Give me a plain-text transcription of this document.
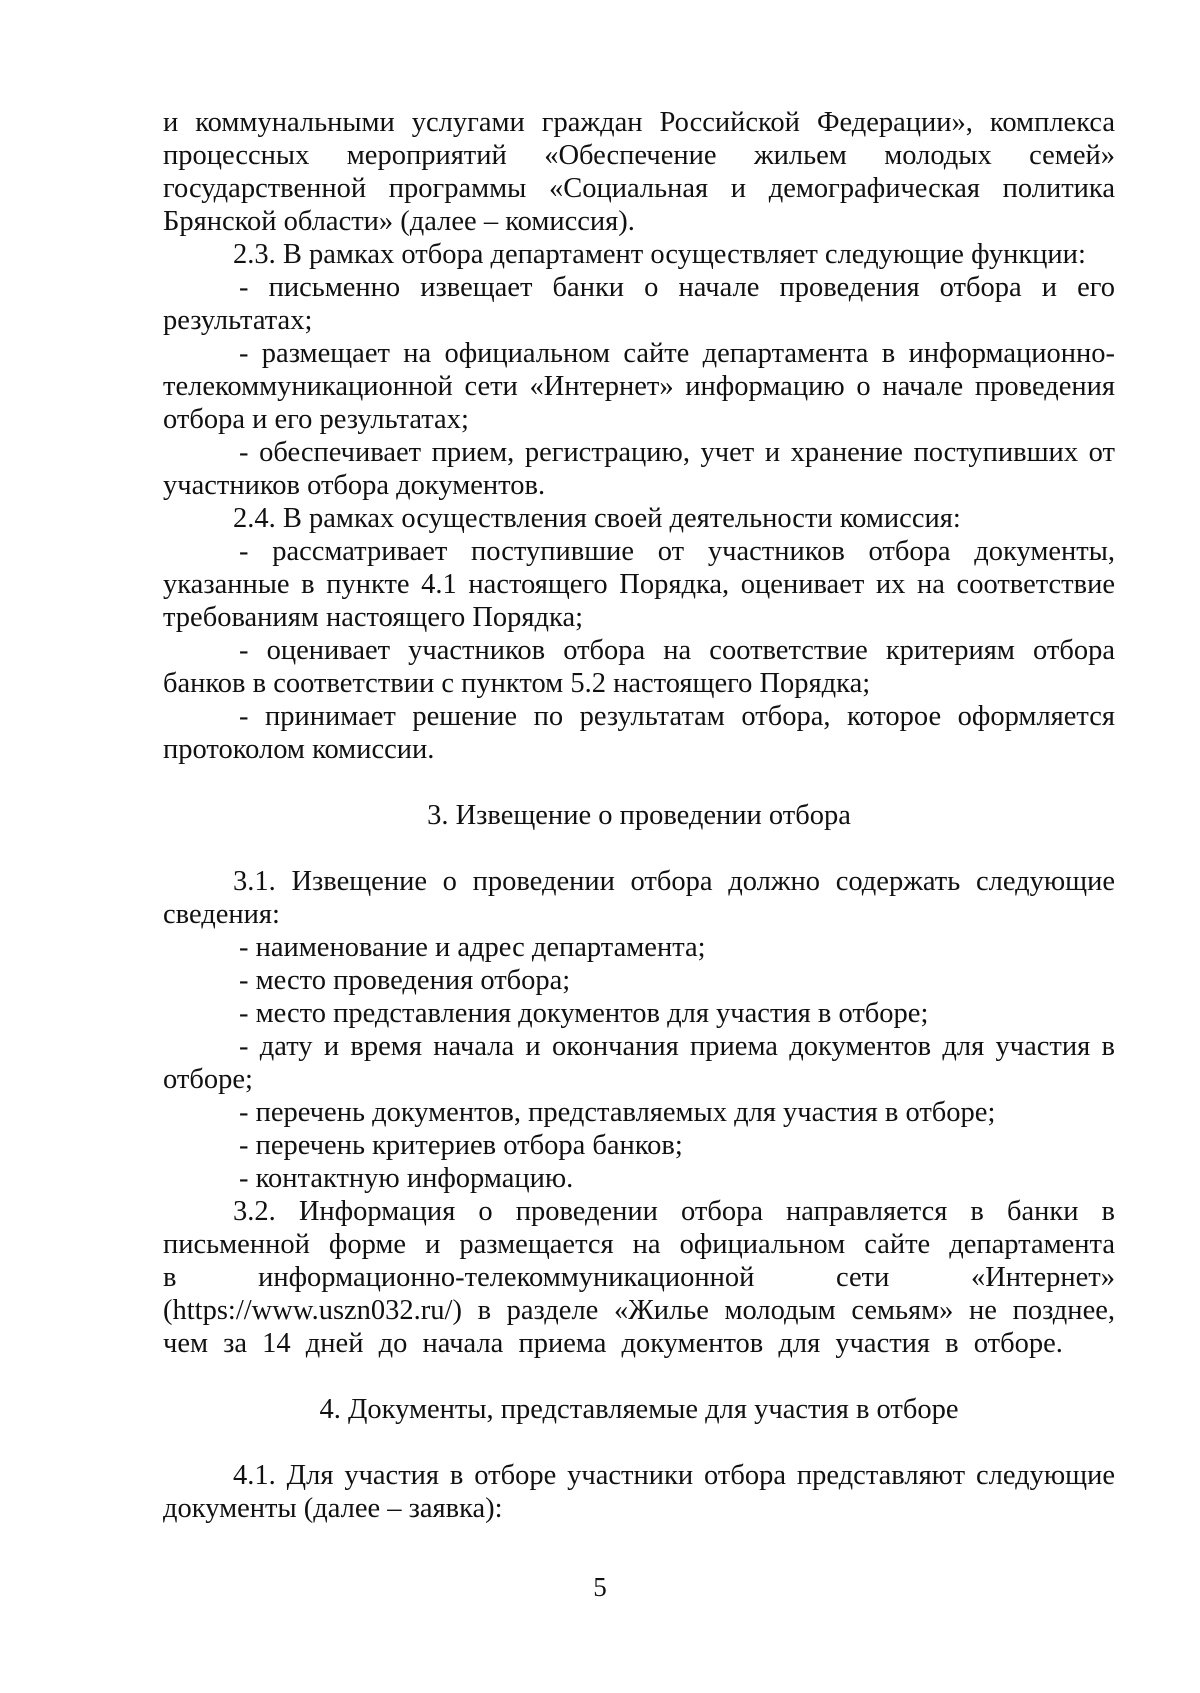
и коммунальными услугами граждан Российской Федерации», комплекса процессных мероприятий «Обеспечение жильем молодых семей» государственной программы «Социальная и демографическая политика Брянской области» (далее – комиссия).

2.3. В рамках отбора департамент осуществляет следующие функции:

- письменно извещает банки о начале проведения отбора и его результатах;

- размещает на официальном сайте департамента в информационно-телекоммуникационной сети «Интернет» информацию о начале проведения отбора и его результатах;

- обеспечивает прием, регистрацию, учет и хранение поступивших от участников отбора документов.

2.4. В рамках осуществления своей деятельности комиссия:

- рассматривает поступившие от участников отбора документы, указанные в пункте 4.1 настоящего Порядка, оценивает их на соответствие требованиям настоящего Порядка;

- оценивает участников отбора на соответствие критериям отбора банков в соответствии с пунктом 5.2 настоящего Порядка;

- принимает решение по результатам отбора, которое оформляется протоколом комиссии.

3. Извещение о проведении отбора

3.1. Извещение о проведении отбора должно содержать следующие сведения:

- наименование и адрес департамента;

- место проведения отбора;

- место представления документов для участия в отборе;

- дату и время начала и окончания приема документов для участия в отборе;

- перечень документов, представляемых для участия в отборе;

- перечень критериев отбора банков;

- контактную информацию.

3.2. Информация о проведении отбора направляется в банки в письменной форме и размещается на официальном сайте департамента в информационно-телекоммуникационной сети «Интернет» (https://www.uszn032.ru/) в разделе «Жилье молодым семьям» не позднее, чем за 14 дней до начала приема документов для участия в отборе.

4. Документы, представляемые для участия в отборе

4.1. Для участия в отборе участники отбора представляют следующие документы (далее – заявка):

5
